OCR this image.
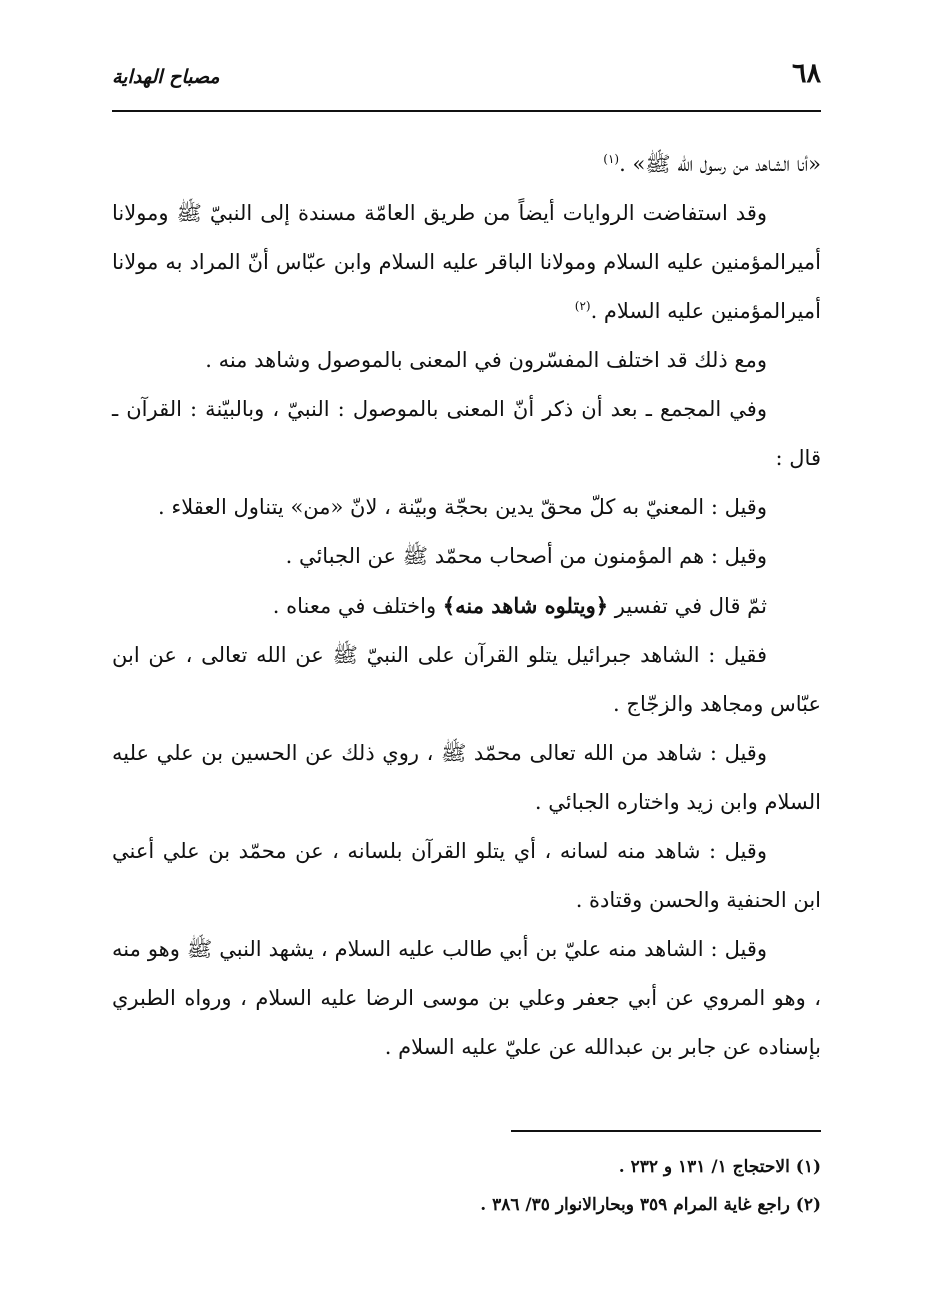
٦٨
مصباح الهداية

«أنا الشاهد من رسول الله ﷺ» .$^{(١)}$

وقد استفاضت الروايات أيضاً من طريق العامّة مسندة إلى النبيّ ﷺ ومولانا أميرالمؤمنين عليه السلام ومولانا الباقر عليه السلام وابن عبّاس أنّ المراد به مولانا أميرالمؤمنين عليه السلام .$^{(٢)}$

ومع ذلك قد اختلف المفسّرون في المعنى بالموصول وشاهد منه .

وفي المجمع ـ بعد أن ذكر أنّ المعنى بالموصول : النبيّ ، وبالبيّنة : القرآن ـ قال :

وقيل : المعنيّ به كلّ محقّ يدين بحجّة وبيّنة ، لانّ «من» يتناول العقلاء .

وقيل : هم المؤمنون من أصحاب محمّد ﷺ عن الجبائي .

ثمّ قال في تفسير ﴿ويتلوه شاهد منه﴾ واختلف في معناه .

فقيل : الشاهد جبرائيل يتلو القرآن على النبيّ ﷺ عن الله تعالى ، عن ابن عبّاس ومجاهد والزجّاج .

وقيل : شاهد من الله تعالى محمّد ﷺ ، روي ذلك عن الحسين بن علي عليه السلام وابن زيد واختاره الجبائي .

وقيل : شاهد منه لسانه ، أي يتلو القرآن بلسانه ، عن محمّد بن علي أعني ابن الحنفية والحسن وقتادة .

وقيل : الشاهد منه عليّ بن أبي طالب عليه السلام ، يشهد النبي ﷺ وهو منه ، وهو المروي عن أبي جعفر وعلي بن موسى الرضا عليه السلام ، ورواه الطبري بإسناده عن جابر بن عبدالله عن عليّ عليه السلام .

(١) الاحتجاج ١/ ١٣١ و ٢٣٢ .

(٢) راجع غاية المرام ٣٥٩ وبحارالانوار ٣٥/ ٣٨٦ .
